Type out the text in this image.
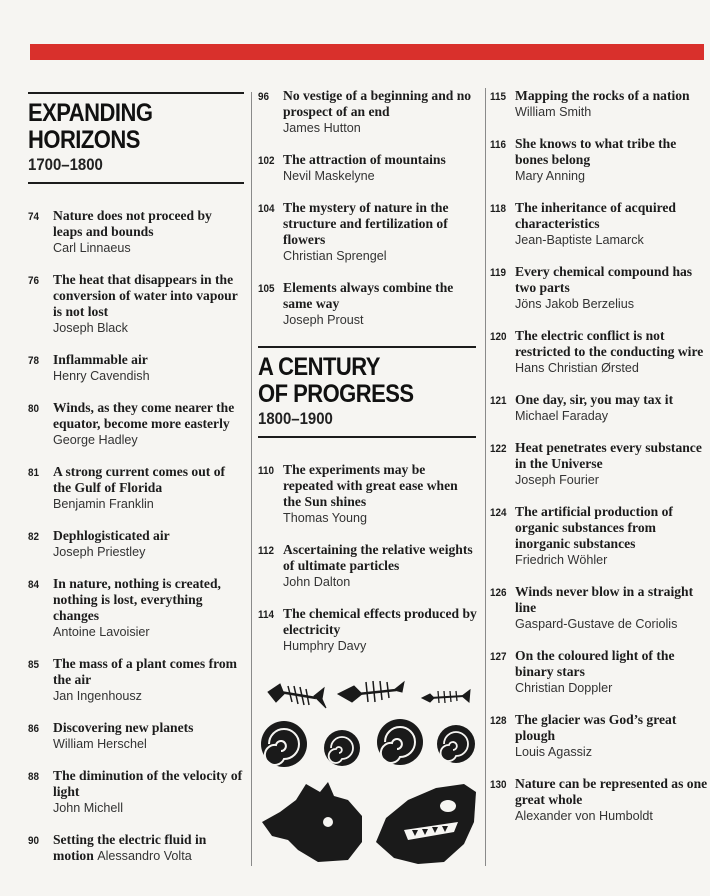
EXPANDING
HORIZONS
1700–1800
74 Nature does not proceed by leaps and bounds
Carl Linnaeus
76 The heat that disappears in the conversion of water into vapour is not lost
Joseph Black
78 Inflammable air
Henry Cavendish
80 Winds, as they come nearer the equator, become more easterly
George Hadley
81 A strong current comes out of the Gulf of Florida
Benjamin Franklin
82 Dephlogisticated air
Joseph Priestley
84 In nature, nothing is created, nothing is lost, everything changes
Antoine Lavoisier
85 The mass of a plant comes from the air
Jan Ingenhousz
86 Discovering new planets
William Herschel
88 The diminution of the velocity of light
John Michell
90 Setting the electric fluid in motion Alessandro Volta
96 No vestige of a beginning and no prospect of an end
James Hutton
102 The attraction of mountains
Nevil Maskelyne
104 The mystery of nature in the structure and fertilization of flowers
Christian Sprengel
105 Elements always combine the same way
Joseph Proust
A CENTURY
OF PROGRESS
1800–1900
110 The experiments may be repeated with great ease when the Sun shines
Thomas Young
112 Ascertaining the relative weights of ultimate particles
John Dalton
114 The chemical effects produced by electricity
Humphry Davy
115 Mapping the rocks of a nation
William Smith
116 She knows to what tribe the bones belong
Mary Anning
118 The inheritance of acquired characteristics
Jean-Baptiste Lamarck
119 Every chemical compound has two parts
Jöns Jakob Berzelius
120 The electric conflict is not restricted to the conducting wire
Hans Christian Ørsted
121 One day, sir, you may tax it
Michael Faraday
122 Heat penetrates every substance in the Universe
Joseph Fourier
124 The artificial production of organic substances from inorganic substances
Friedrich Wöhler
126 Winds never blow in a straight line
Gaspard-Gustave de Coriolis
127 On the coloured light of the binary stars
Christian Doppler
128 The glacier was God’s great plough
Louis Agassiz
130 Nature can be represented as one great whole
Alexander von Humboldt
